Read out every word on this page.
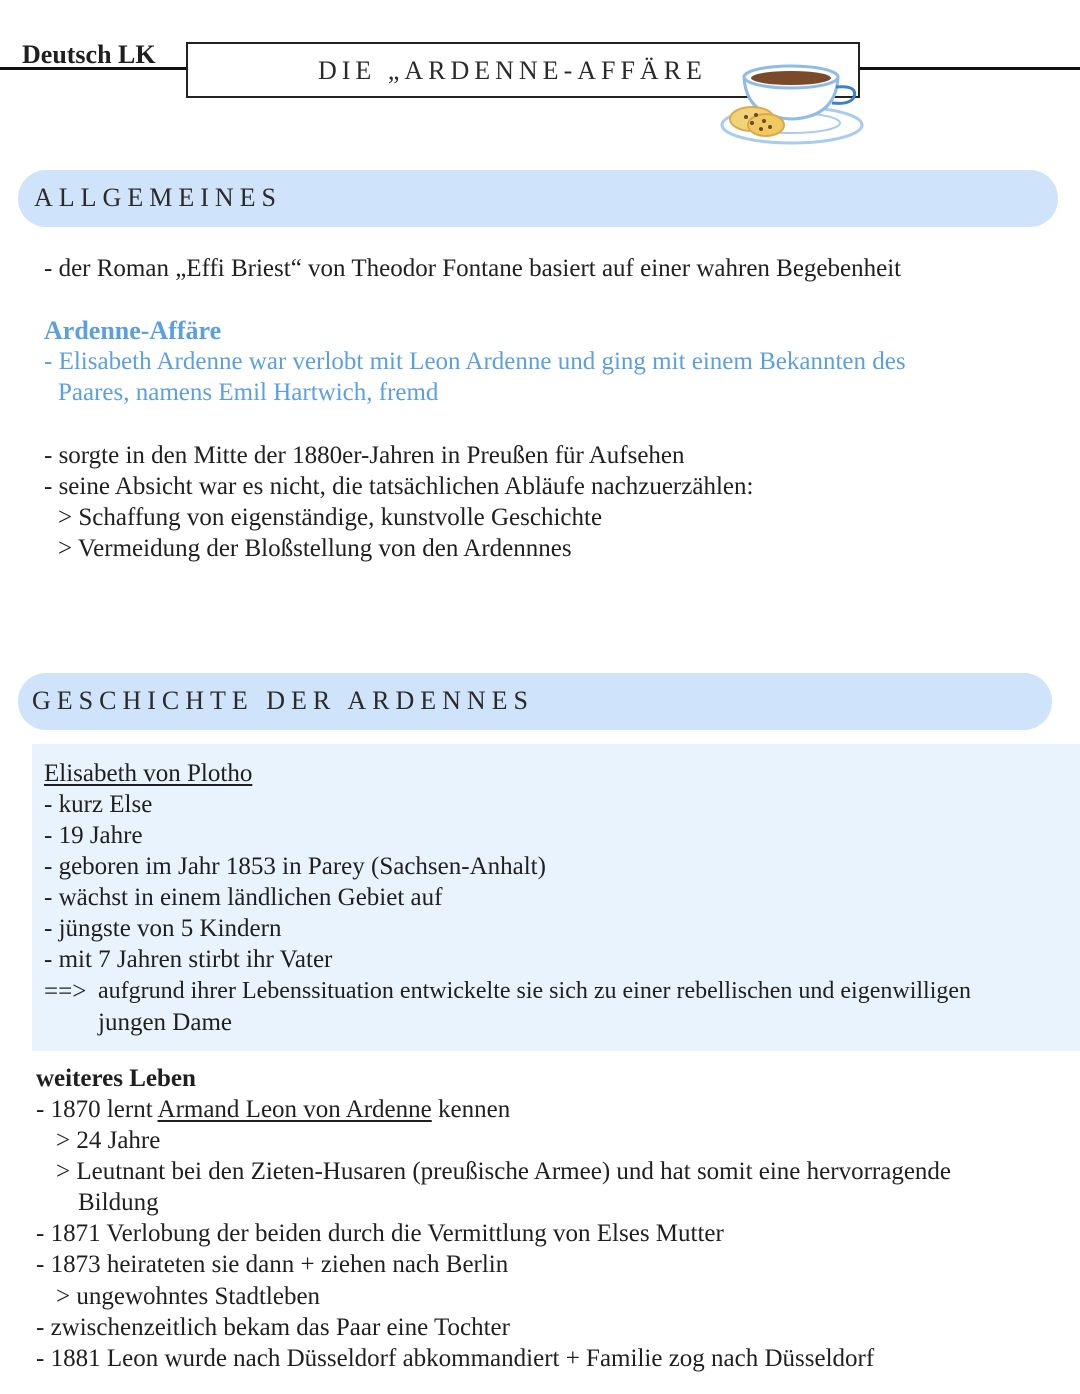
Deutsch LK
DIE „ARDENNE-AFFÄRE
ALLGEMEINES
- der Roman „Effi Briest“ von Theodor Fontane basiert auf einer wahren Begebenheit
Ardenne-Affäre
- Elisabeth Ardenne war verlobt mit Leon Ardenne und ging mit einem Bekannten des
Paares, namens Emil Hartwich, fremd
- sorgte in den Mitte der 1880er-Jahren in Preußen für Aufsehen
- seine Absicht war es nicht, die tatsächlichen Abläufe nachzuerzählen:
> Schaffung von eigenständige, kunstvolle Geschichte
> Vermeidung der Bloßstellung von den Ardennnes
GESCHICHTE DER ARDENNES
Elisabeth von Plotho
- kurz Else
- 19 Jahre
- geboren im Jahr 1853 in Parey (Sachsen-Anhalt)
- wächst in einem ländlichen Gebiet auf
- jüngste von 5 Kindern
- mit 7 Jahren stirbt ihr Vater
==> aufgrund ihrer Lebenssituation entwickelte sie sich zu einer rebellischen und eigenwilligen
jungen Dame
weiteres Leben
- 1870 lernt Armand Leon von Ardenne kennen
> 24 Jahre
> Leutnant bei den Zieten-Husaren (preußische Armee) und hat somit eine hervorragende
Bildung
- 1871 Verlobung der beiden durch die Vermittlung von Elses Mutter
- 1873 heirateten sie dann + ziehen nach Berlin
> ungewohntes Stadtleben
- zwischenzeitlich bekam das Paar eine Tochter
- 1881 Leon wurde nach Düsseldorf abkommandiert + Familie zog nach Düsseldorf
